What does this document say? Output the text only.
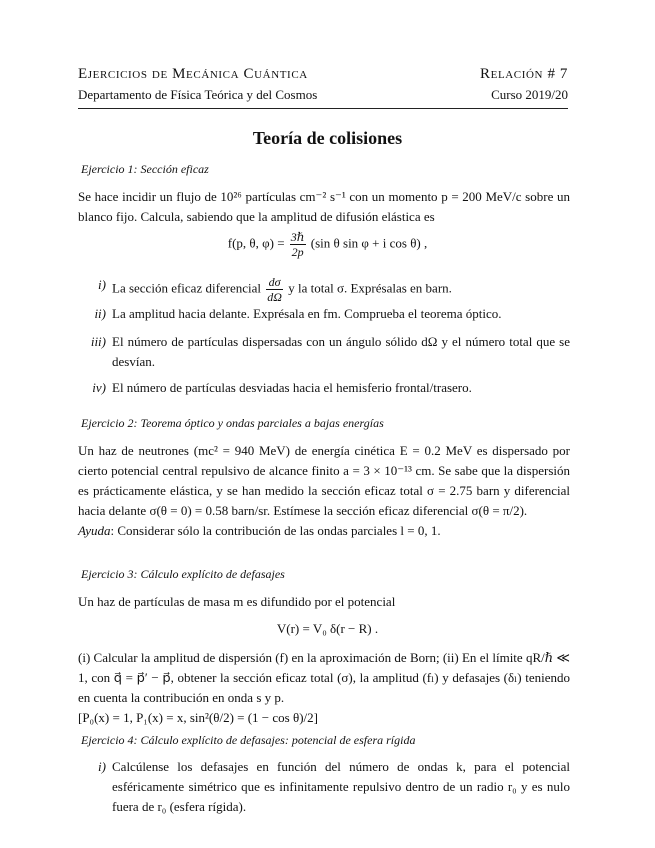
Ejercicios de Mecánica Cuántica	Relación # 7
Departamento de Física Teórica y del Cosmos	Curso 2019/20
Teoría de colisiones
Ejercicio 1: Sección eficaz
Se hace incidir un flujo de 10²⁶ partículas cm⁻² s⁻¹ con un momento p = 200 MeV/c sobre un blanco fijo. Calcula, sabiendo que la amplitud de difusión elástica es
f(p, θ, $\varphi) = \frac{\text{3ℏ}}{2p} (\sin$ θ sin φ + i cos θ) ,
i) La sección eficaz diferencial $\frac{d\sigma}{d\Omega}$ y la total σ. Exprésalas en barn.
ii) La amplitud hacia delante. Exprésala en fm. Comprueba el teorema óptico.
iii) El número de partículas dispersadas con un ángulo sólido dΩ y el número total que se desvían.
iv) El número de partículas desviadas hacia el hemisferio frontal/trasero.
Ejercicio 2: Teorema óptico y ondas parciales a bajas energías
Un haz de neutrones (mc² = 940 MeV) de energía cinética E = 0.2 MeV es dispersado por cierto potencial central repulsivo de alcance finito a = 3 × 10⁻¹³ cm. Se sabe que la dispersión es prácticamente elástica, y se han medido la sección eficaz total σ = 2.75 barn y diferencial hacia delante σ(θ = 0) = 0.58 barn/sr. Estímese la sección eficaz diferencial σ(θ = π/2).
Ayuda: Considerar sólo la contribución de las ondas parciales l = 0, 1.
Ejercicio 3: Cálculo explícito de defasajes
Un haz de partículas de masa m es difundido por el potencial
V(r) = V₀ δ(r − R) .
(i) Calcular la amplitud de dispersión (f) en la aproximación de Born; (ii) En el límite qR/ℏ ≪ 1, con q⃗ = p⃗′ − p⃗, obtener la sección eficaz total (σ), la amplitud (fₗ) y defasajes (δₗ) teniendo en cuenta la contribución en onda s y p.
[P₀(x) = 1, P₁(x) = x, sin²(θ/2) = (1 − cos θ)/2]
Ejercicio 4: Cálculo explícito de defasajes: potencial de esfera rígida
i) Calcúlense los defasajes en función del número de ondas k, para el potencial esféricamente simétrico que es infinitamente repulsivo dentro de un radio r₀ y es nulo fuera de r₀ (esfera rígida).
